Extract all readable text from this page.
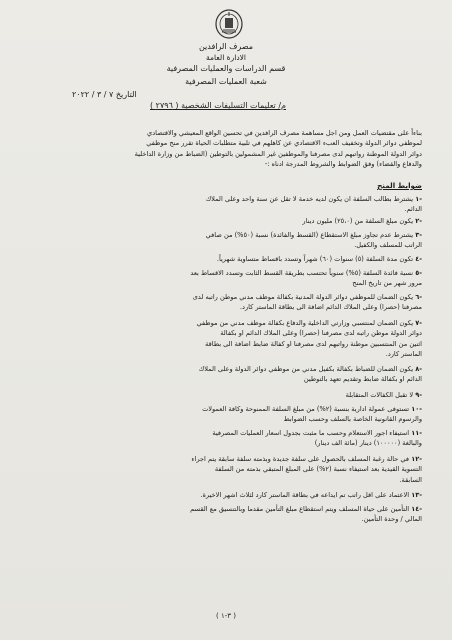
مصرف الرافدين
الادارة العامة
قسم الدراسات والعمليات المصرفية
شعبة العمليات المصرفية
التاريخ ٧ / ٣ / ٢٠٢٢
م/ تعليمات التسليفات الشخصية ( ٢٧٩٦ )
بناءاً على مقتضيات العمل ومن اجل مساهمة مصرف الرافدين في تحسين الواقع المعيشي والاقتصادي
لموظفي دوائر الدولة وتخفيف العبء الاقتصادي عن كاهلهم في تلبية متطلبات الحياة تقرر منح موظفي
دوائر الدولة الموطنة رواتبهم لدى مصرفنا والموظفين غير المشمولين بالتوطين (الضباط من وزارة الداخلية
والدفاع والقضاء) وفق الضوابط والشروط المدرجة ادناه :-
ضوابط المنح
-١ يشترط بطالب السلفة ان يكون لديه خدمة لا تقل عن سنة واحد وعلى الملاك
الدائم.
-٢ يكون مبلغ السلفة من (٢٥،٠) مليون دينار
-٣ يشترط عدم تجاوز مبلغ الاستقطاع (القسط والفائدة) نسبة (٥٠%) من صافي
الراتب للمسلف والكفيل.
-٤ تكون مدة السلفة (٥) سنوات (٦٠) شهراً وتسدد باقساط متساوية شهرياً.
-٥ نسبة فائدة السلفة (٥%) سنوياً تحتسب بطريقة القسط الثابت وتسدد الاقساط بعد
مرور شهر من تاريخ المنح
-٦ يكون الضمان للموظفي دوائر الدولة المدنية بكفالة موظف مدني موطن راتبه لدى
مصرفنا (حصرا) وعلى الملاك الدائم اضافة الى بطاقة الماستر كارد.
-٧ يكون الضمان لمنتسبي وزارتي الداخلية والدفاع بكفالة موظف مدني من موظفي
دوائر الدولة موطن راتبه لدى مصرفنا (حصرا) وعلى الملاك الدائم او بكفالة
اثنين من المنتسبين موطنة رواتبهم لدى مصرفنا او كفالة ضابط اضافة الى بطاقة
الماستر كارد.
-٨ يكون الضمان للضباط بكفالة بكفيل مدني من موظفي دوائر الدولة وعلى الملاك
الدائم او بكفالة ضابط وتقديم تعهد بالتوطين
-٩ لا تقبل الكفالات المتقابلة
-١٠ تستوفى عمولة ادارية بنسبة (٢%) من مبلغ السلفة الممنوحة وكافة العمولات
والرسوم القانونية الخاصة بالسلف وحسب الضوابط
-١١ استيفاء اجور الاستعلام وحسب ما مثبت بجدول اسعار العمليات المصرفية
والبالغة (١٠٠٠٠٠) دينار (مائة الف دينار)
-١٢ في حالة رغبة المسلف بالحصول على سلفة جديدة وبذمته سلفة سابقة يتم اجراء
التسوية القيدية بعد استيفاء نسبة (٢%) على المبلغ المتبقي بذمته من السلفة
السابقة.
-١٣ الاعتماد على اقل راتب تم ايداعه في بطاقة الماستر كارد لثلاث اشهر الاخيرة.
-١٤ التأمين على حياة المسلف ويتم استقطاع مبلغ التأمين مقدما وبالتنسيق مع القسم
المالي / وحدة التأمين.
( ٣-١ )
